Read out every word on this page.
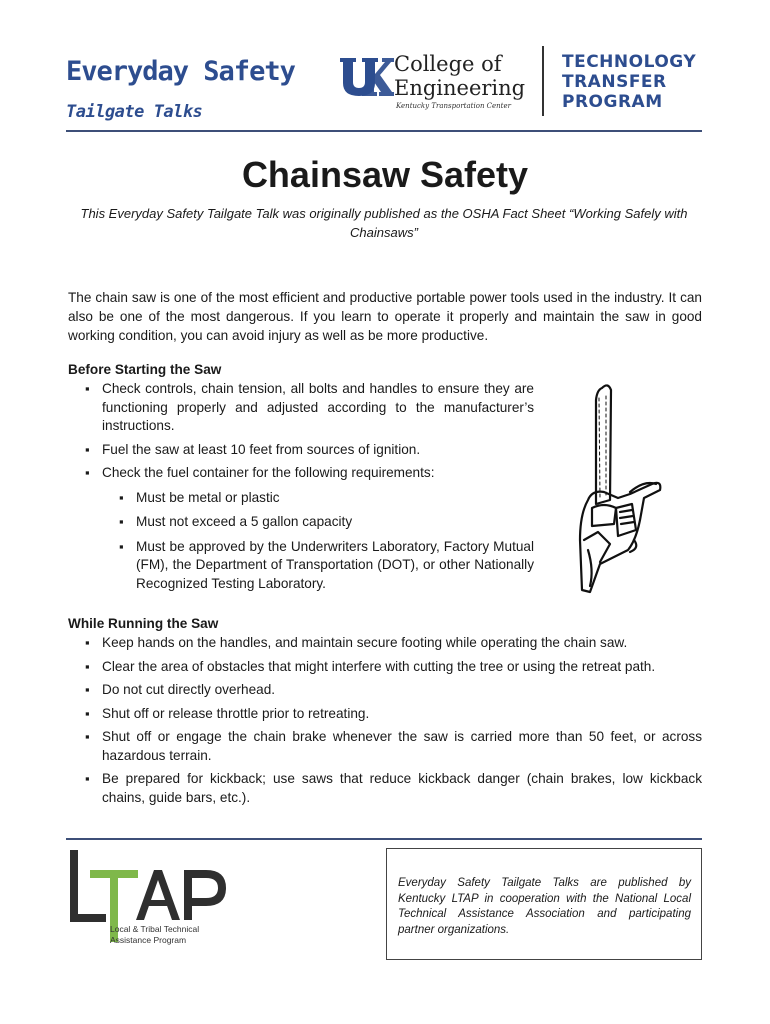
Everyday Safety
Tailgate Talks
College of
Engineering
Kentucky Transportation Center
TECHNOLOGY
TRANSFER
PROGRAM
Chainsaw Safety

This Everyday Safety Tailgate Talk was originally published as the OSHA Fact Sheet “Working Safely with Chainsaws”

The chain saw is one of the most efficient and productive portable power tools used in the industry. It can also be one of the most dangerous. If you learn to operate it properly and maintain the saw in good working condition, you can avoid injury as well as be more productive.

Before Starting the Saw
▪ Check controls, chain tension, all bolts and handles to ensure they are functioning properly and adjusted according to the manufacturer’s instructions.
▪ Fuel the saw at least 10 feet from sources of ignition.
▪ Check the fuel container for the following requirements:
▪ Must be metal or plastic
▪ Must not exceed a 5 gallon capacity
▪ Must be approved by the Underwriters Laboratory, Factory Mutual (FM), the Department of Transportation (DOT), or other Nationally Recognized Testing Laboratory.
While Running the Saw
▪ Keep hands on the handles, and maintain secure footing while operating the chain saw.
▪ Clear the area of obstacles that might interfere with cutting the tree or using the retreat path.
▪ Do not cut directly overhead.
▪ Shut off or release throttle prior to retreating.
▪ Shut off or engage the chain brake whenever the saw is carried more than 50 feet, or across hazardous terrain.
▪ Be prepared for kickback; use saws that reduce kickback danger (chain brakes, low kickback chains, guide bars, etc.).
Local & Tribal Technical
Assistance Program

Everyday Safety Tailgate Talks are published by Kentucky LTAP in cooperation with the National Local Technical Assistance Association and participating partner organizations.
